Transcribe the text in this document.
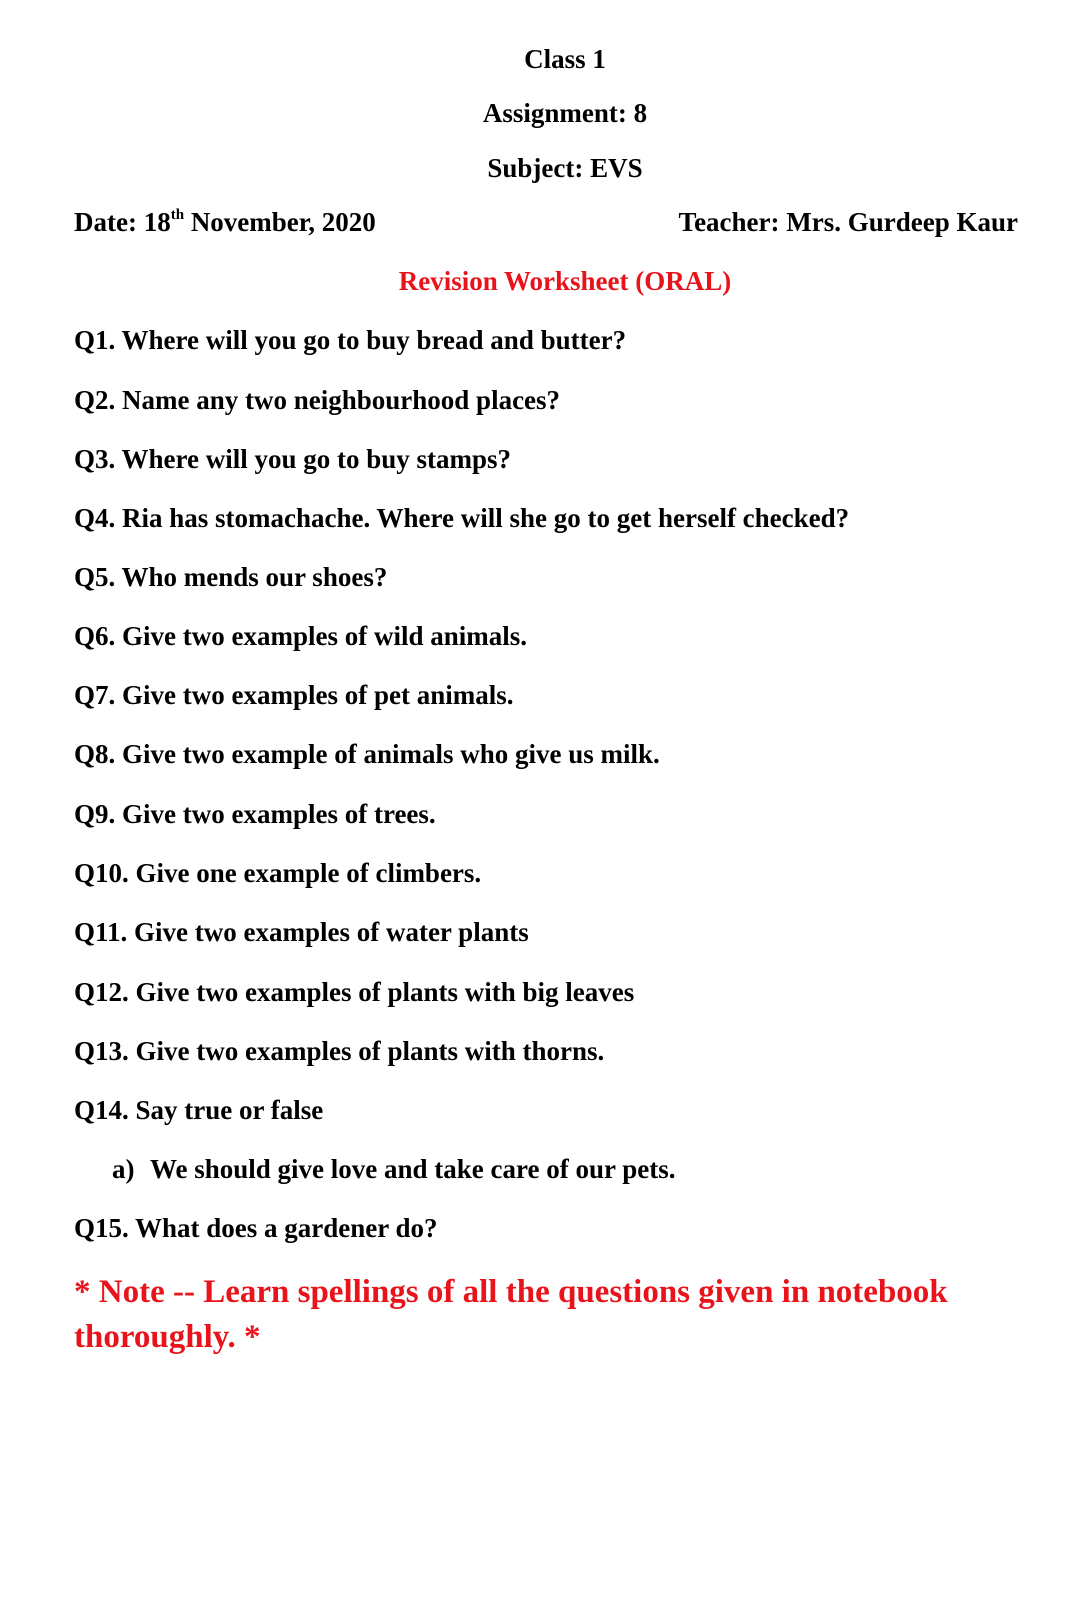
Class 1
Assignment: 8
Subject: EVS
Date: 18th November, 2020	Teacher: Mrs. Gurdeep Kaur
Revision Worksheet (ORAL)
Q1. Where will you go to buy bread and butter?
Q2. Name any two neighbourhood places?
Q3. Where will you go to buy stamps?
Q4. Ria has stomachache. Where will she go to get herself checked?
Q5. Who mends our shoes?
Q6. Give two examples of wild animals.
Q7. Give two examples of pet animals.
Q8. Give two example of animals who give us milk.
Q9. Give two examples of trees.
Q10. Give one example of climbers.
Q11. Give two examples of water plants
Q12. Give two examples of plants with big leaves
Q13. Give two examples of plants with thorns.
Q14. Say true or false
a) We should give love and take care of our pets.
Q15. What does a gardener do?
* Note -- Learn spellings of all the questions given in notebook thoroughly. *
